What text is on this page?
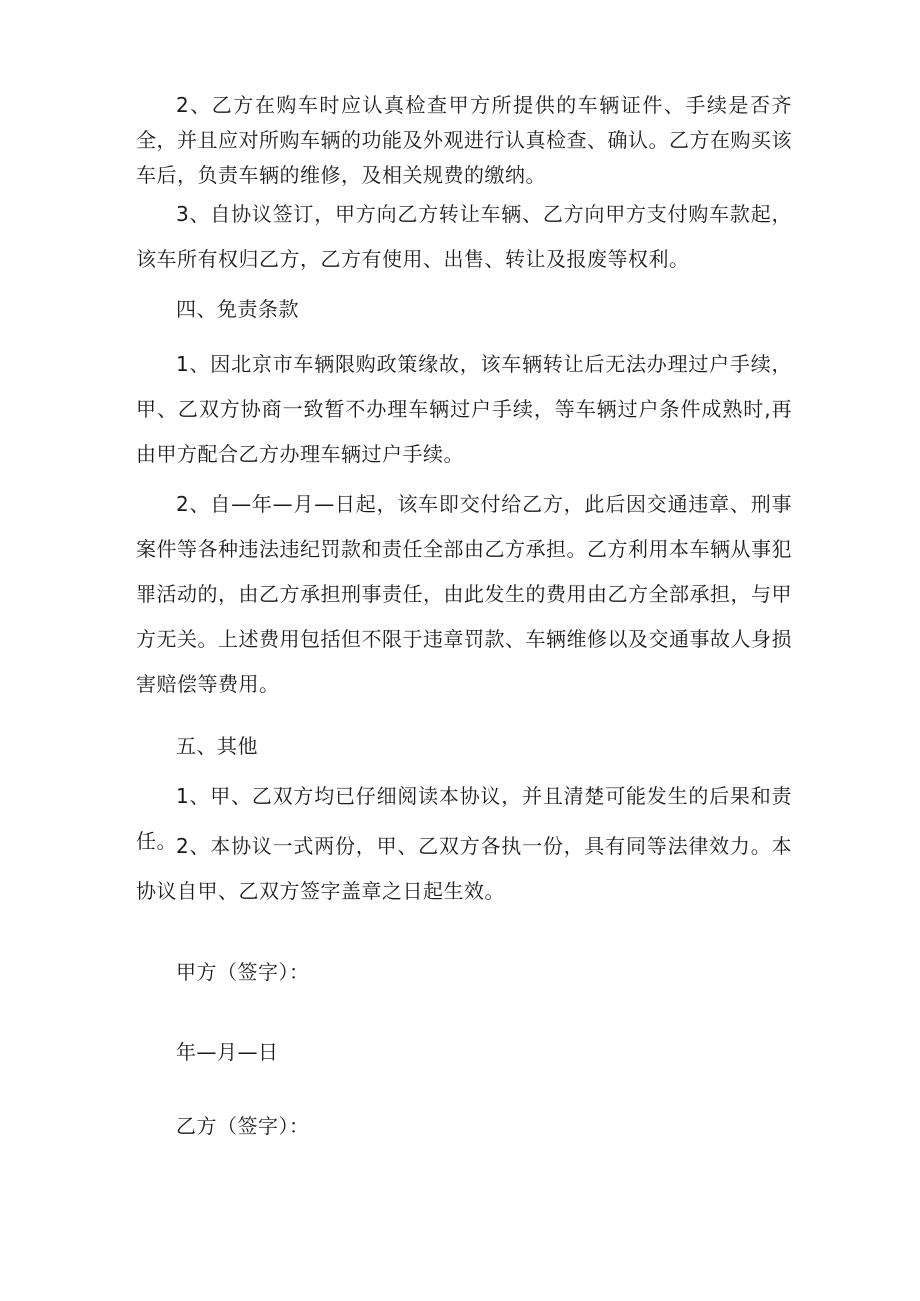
2、乙方在购车时应认真检查甲方所提供的车辆证件、手续是否齐全，并且应对所购车辆的功能及外观进行认真检查、确认。乙方在购买该车后，负责车辆的维修，及相关规费的缴纳。

3、自协议签订，甲方向乙方转让车辆、乙方向甲方支付购车款起，该车所有权归乙方，乙方有使用、出售、转让及报废等权利。

四、免责条款

1、因北京市车辆限购政策缘故，该车辆转让后无法办理过户手续，甲、乙双方协商一致暂不办理车辆过户手续，等车辆过户条件成熟时,再由甲方配合乙方办理车辆过户手续。

2、自—年—月—日起，该车即交付给乙方，此后因交通违章、刑事案件等各种违法违纪罚款和责任全部由乙方承担。乙方利用本车辆从事犯罪活动的，由乙方承担刑事责任，由此发生的费用由乙方全部承担，与甲方无关。上述费用包括但不限于违章罚款、车辆维修以及交通事故人身损害赔偿等费用。

五、其他

1、甲、乙双方均已仔细阅读本协议，并且清楚可能发生的后果和责任。 2、本协议一式两份，甲、乙双方各执一份，具有同等法律效力。本协议自甲、乙双方签字盖章之日起生效。

甲方（签字）：

年—月—日

乙方（签字）：
